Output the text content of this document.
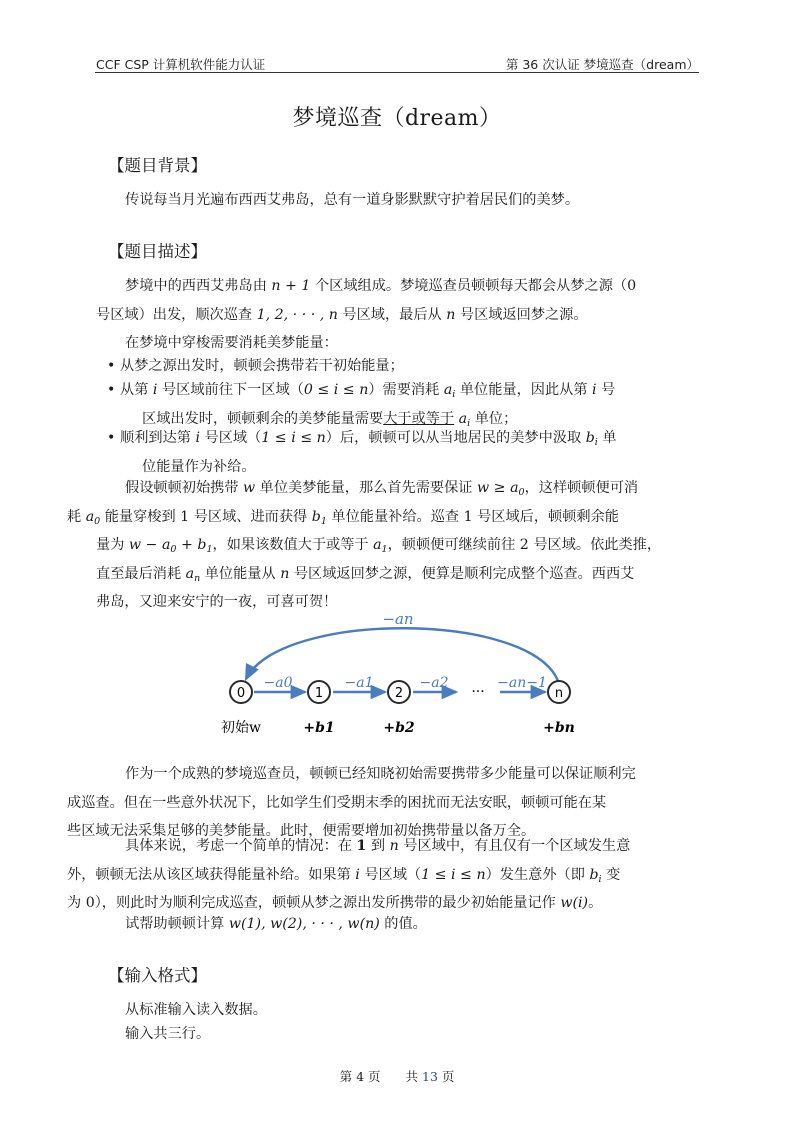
CCF CSP 计算机软件能力认证	第 36 次认证 梦境巡查（dream）
梦境巡查（dream）
【题目背景】
传说每当月光遍布西西艾弗岛，总有一道身影默默守护着居民们的美梦。
【题目描述】
梦境中的西西艾弗岛由 n + 1 个区域组成。梦境巡查员顿顿每天都会从梦之源（0
号区域）出发，顺次巡查 1, 2, · · · , n 号区域，最后从 n 号区域返回梦之源。
在梦境中穿梭需要消耗美梦能量：
• 从梦之源出发时，顿顿会携带若干初始能量；
• 从第 i 号区域前往下一区域（0 ≤ i ≤ n）需要消耗 $a_i$ 单位能量，因此从第 i 号
区域出发时，顿顿剩余的美梦能量需要大于或等于 $a_i$ 单位；
• 顺利到达第 i 号区域（1 ≤ i ≤ n）后，顿顿可以从当地居民的美梦中汲取 $b_i$ 单
位能量作为补给。
假设顿顿初始携带 w 单位美梦能量，那么首先需要保证 $w \ge a_0$，这样顿顿便可消
耗 $a_0$ 能量穿梭到 1 号区域、进而获得 $b_1$ 单位能量补给。巡查 1 号区域后，顿顿剩余能
量为 $w - a_0 + b_1$，如果该数值大于或等于 $a_1$，顿顿便可继续前往 2 号区域。依此类推，
直至最后消耗 $a_n$ 单位能量从 n 号区域返回梦之源，便算是顺利完成整个巡查。西西艾
弗岛，又迎来安宁的一夜，可喜可贺！
0	1	2	···	n
−a0	−a1	−a2	−an−1
−an
初始w	+b1	+b2	+bn
作为一个成熟的梦境巡查员，顿顿已经知晓初始需要携带多少能量可以保证顺利完
成巡查。但在一些意外状况下，比如学生们受期末季的困扰而无法安眠，顿顿可能在某
些区域无法采集足够的美梦能量。此时，便需要增加初始携带量以备万全。
具体来说，考虑一个简单的情况：在 1 到 n 号区域中，有且仅有一个区域发生意
外，顿顿无法从该区域获得能量补给。如果第 i 号区域（1 ≤ i ≤ n）发生意外（即 $b_i$ 变
为 0），则此时为顺利完成巡查，顿顿从梦之源出发所携带的最少初始能量记作 w(i)。
试帮助顿顿计算 w(1), w(2), · · · , w(n) 的值。
【输入格式】
从标准输入读入数据。
输入共三行。
第 4 页　　共 13 页
